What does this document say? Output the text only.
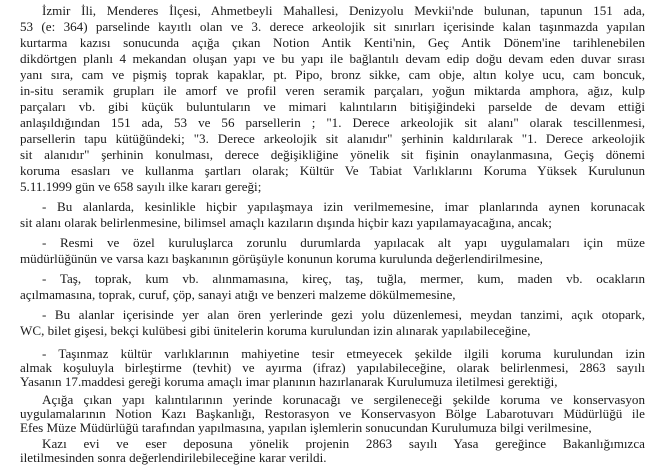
İzmir İli, Menderes İlçesi, Ahmetbeyli Mahallesi, Denizyolu Mevkii'nde bulunan, tapunun 151 ada,
53 (e: 364) parselinde kayıtlı olan ve 3. derece arkeolojik sit sınırları içerisinde kalan taşınmazda yapılan
kurtarma kazısı sonucunda açığa çıkan Notion Antik Kenti'nin, Geç Antik Dönem'ine tarihlenebilen
dikdörtgen planlı 4 mekandan oluşan yapı ve bu yapı ile bağlantılı devam edip doğu devam eden duvar sırası
yanı sıra, cam ve pişmiş toprak kapaklar, pt. Pipo, bronz sikke, cam obje, altın kolye ucu, cam boncuk,
in-situ seramik grupları ile amorf ve profil veren seramik parçaları, yoğun miktarda amphora, ağız, kulp
parçaları vb. gibi küçük buluntuların ve mimari kalıntıların bitişiğindeki parselde de devam ettiği
anlaşıldığından 151 ada, 53 ve 56 parsellerin ; "1. Derece arkeolojik sit alanı" olarak tescillenmesi,
parsellerin tapu kütüğündeki; "3. Derece arkeolojik sit alanıdır" şerhinin kaldırılarak "1. Derece arkeolojik
sit alanıdır" şerhinin konulması, derece değişikliğine yönelik sit fişinin onaylanmasına, Geçiş dönemi
koruma esasları ve kullanma şartları olarak; Kültür Ve Tabiat Varlıklarını Koruma Yüksek Kurulunun
5.11.1999 gün ve 658 sayılı ilke kararı gereği;
- Bu alanlarda, kesinlikle hiçbir yapılaşmaya izin verilmemesine, imar planlarında aynen korunacak
sit alanı olarak belirlenmesine, bilimsel amaçlı kazıların dışında hiçbir kazı yapılamayacağına, ancak;
- Resmi ve özel kuruluşlarca zorunlu durumlarda yapılacak alt yapı uygulamaları için müze
müdürlüğünün ve varsa kazı başkanının görüşüyle konunun koruma kurulunda değerlendirilmesine,
- Taş, toprak, kum vb. alınmamasına, kireç, taş, tuğla, mermer, kum, maden vb. ocakların
açılmamasına, toprak, curuf, çöp, sanayi atığı ve benzeri malzeme dökülmemesine,
- Bu alanlar içerisinde yer alan ören yerlerinde gezi yolu düzenlemesi, meydan tanzimi, açık otopark,
WC, bilet gişesi, bekçi kulübesi gibi ünitelerin koruma kurulundan izin alınarak yapılabileceğine,
- Taşınmaz kültür varlıklarının mahiyetine tesir etmeyecek şekilde ilgili koruma kurulundan izin
almak koşuluyla birleştirme (tevhit) ve ayırma (ifraz) yapılabileceğine, olarak belirlenmesi, 2863 sayılı
Yasanın 17.maddesi gereği koruma amaçlı imar planının hazırlanarak Kurulumuza iletilmesi gerektiği,
Açığa çıkan yapı kalıntılarının yerinde korunacağı ve sergileneceği şekilde koruma ve konservasyon
uygulamalarının Notion Kazı Başkanlığı, Restorasyon ve Konservasyon Bölge Labarotuvarı Müdürlüğü ile
Efes Müze Müdürlüğü tarafından yapılmasına, yapılan işlemlerin sonucundan Kurulumuza bilgi verilmesine,
Kazı evi ve eser deposuna yönelik projenin 2863 sayılı Yasa gereğince Bakanlığımızca
iletilmesinden sonra değerlendirilebileceğine karar verildi.
